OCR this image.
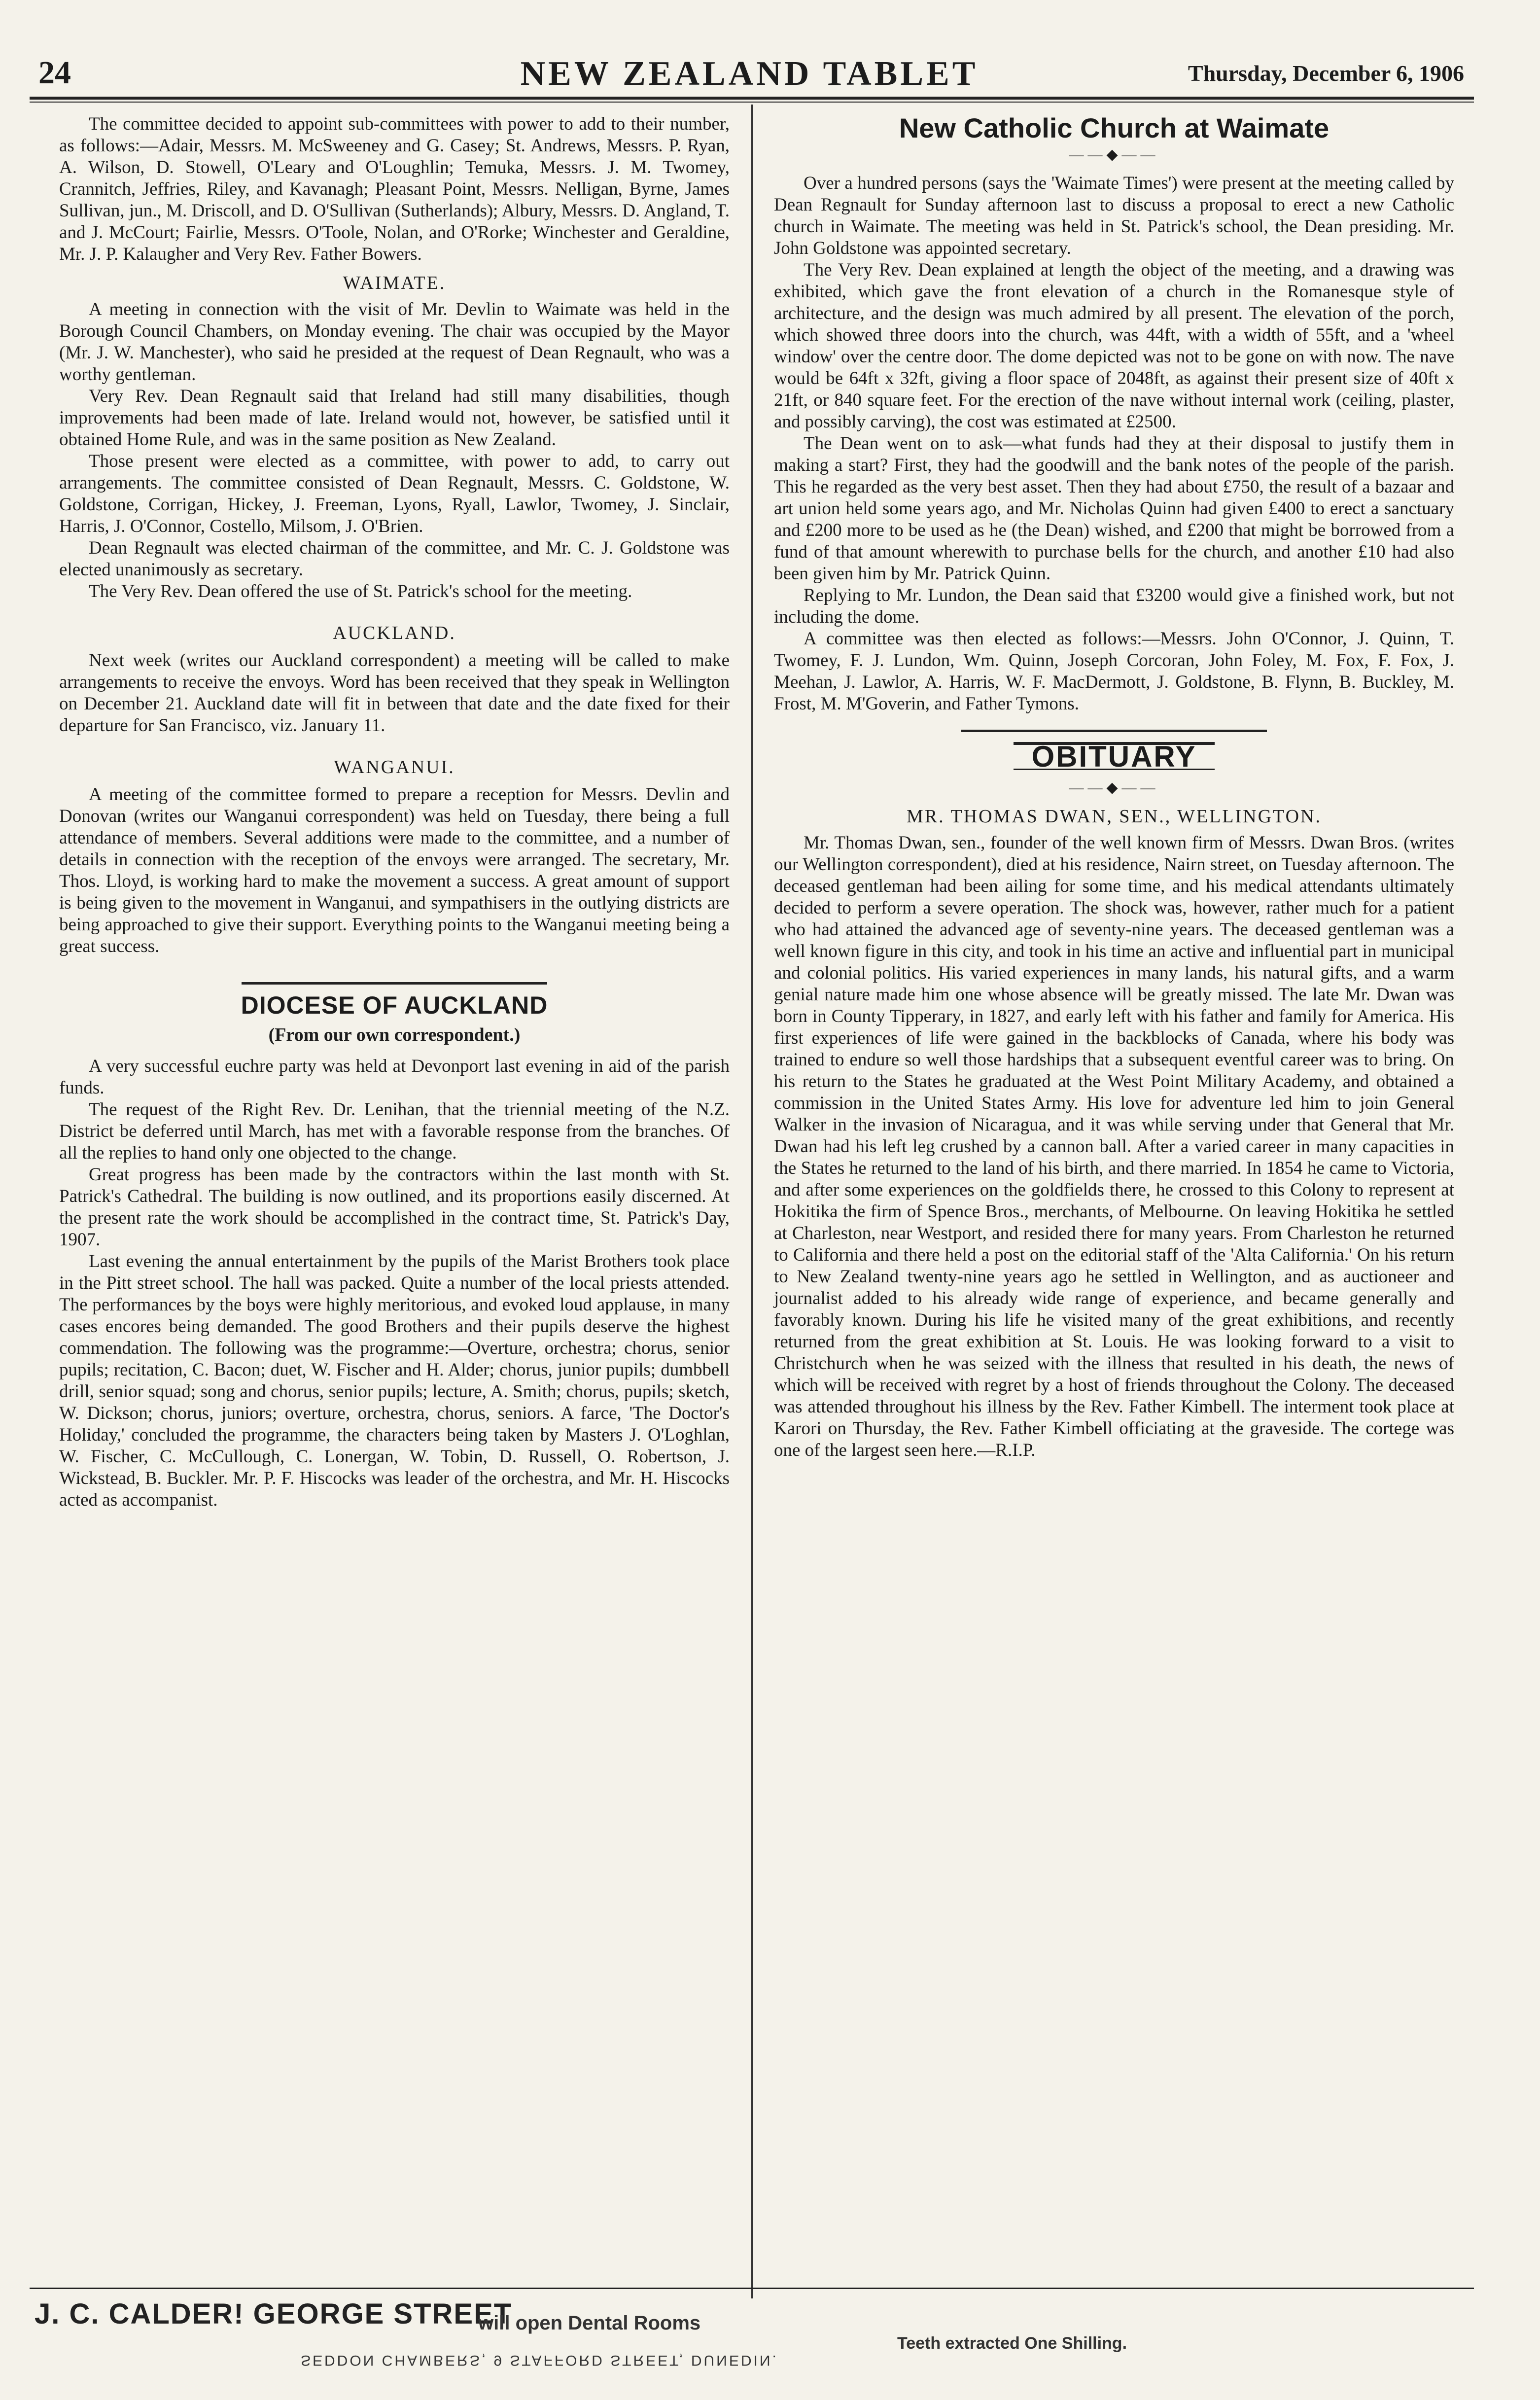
24	NEW ZEALAND TABLET	Thursday, December 6, 1906

The committee decided to appoint sub-committees with power to add to their number, as follows:—Adair, Messrs. M. McSweeney and G. Casey; St. Andrews, Messrs. P. Ryan, A. Wilson, D. Stowell, O'Leary and O'Loughlin; Temuka, Messrs. J. M. Twomey, Crannitch, Jeffries, Riley, and Kavanagh; Pleasant Point, Messrs. Nelligan, Byrne, James Sullivan, jun., M. Driscoll, and D. O'Sullivan (Sutherlands); Albury, Messrs. D. Angland, T. and J. McCourt; Fairlie, Messrs. O'Toole, Nolan, and O'Rorke; Winchester and Geraldine, Mr. J. P. Kalaugher and Very Rev. Father Bowers.

WAIMATE.

A meeting in connection with the visit of Mr. Devlin to Waimate was held in the Borough Council Chambers, on Monday evening. The chair was occupied by the Mayor (Mr. J. W. Manchester), who said he presided at the request of Dean Regnault, who was a worthy gentleman.

Very Rev. Dean Regnault said that Ireland had still many disabilities, though improvements had been made of late. Ireland would not, however, be satisfied until it obtained Home Rule, and was in the same position as New Zealand.

Those present were elected as a committee, with power to add, to carry out arrangements. The committee consisted of Dean Regnault, Messrs. C. Goldstone, W. Goldstone, Corrigan, Hickey, J. Freeman, Lyons, Ryall, Lawlor, Twomey, J. Sinclair, Harris, J. O'Connor, Costello, Milsom, J. O'Brien.

Dean Regnault was elected chairman of the committee, and Mr. C. J. Goldstone was elected unanimously as secretary.

The Very Rev. Dean offered the use of St. Patrick's school for the meeting.

AUCKLAND.

Next week (writes our Auckland correspondent) a meeting will be called to make arrangements to receive the envoys. Word has been received that they speak in Wellington on December 21. Auckland date will fit in between that date and the date fixed for their departure for San Francisco, viz. January 11.

WANGANUI.

A meeting of the committee formed to prepare a reception for Messrs. Devlin and Donovan (writes our Wanganui correspondent) was held on Tuesday, there being a full attendance of members. Several additions were made to the committee, and a number of details in connection with the reception of the envoys were arranged. The secretary, Mr. Thos. Lloyd, is working hard to make the movement a success. A great amount of support is being given to the movement in Wanganui, and sympathisers in the outlying districts are being approached to give their support. Everything points to the Wanganui meeting being a great success.

DIOCESE OF AUCKLAND
(From our own correspondent.)

A very successful euchre party was held at Devonport last evening in aid of the parish funds.

The request of the Right Rev. Dr. Lenihan, that the triennial meeting of the N.Z. District be deferred until March, has met with a favorable response from the branches. Of all the replies to hand only one objected to the change.

Great progress has been made by the contractors within the last month with St. Patrick's Cathedral. The building is now outlined, and its proportions easily discerned. At the present rate the work should be accomplished in the contract time, St. Patrick's Day, 1907.

Last evening the annual entertainment by the pupils of the Marist Brothers took place in the Pitt street school. The hall was packed. Quite a number of the local priests attended. The performances by the boys were highly meritorious, and evoked loud applause, in many cases encores being demanded. The good Brothers and their pupils deserve the highest commendation. The following was the programme:—Overture, orchestra; chorus, senior pupils; recitation, C. Bacon; duet, W. Fischer and H. Alder; chorus, junior pupils; dumbbell drill, senior squad; song and chorus, senior pupils; lecture, A. Smith; chorus, pupils; sketch, W. Dickson; chorus, juniors; overture, orchestra, chorus, seniors. A farce, 'The Doctor's Holiday,' concluded the programme, the characters being taken by Masters J. O'Loghlan, W. Fischer, C. McCullough, C. Lonergan, W. Tobin, D. Russell, O. Robertson, J. Wickstead, B. Buckler. Mr. P. F. Hiscocks was leader of the orchestra, and Mr. H. Hiscocks acted as accompanist.

New Catholic Church at Waimate
——◆——

Over a hundred persons (says the 'Waimate Times') were present at the meeting called by Dean Regnault for Sunday afternoon last to discuss a proposal to erect a new Catholic church in Waimate. The meeting was held in St. Patrick's school, the Dean presiding. Mr. John Goldstone was appointed secretary.

The Very Rev. Dean explained at length the object of the meeting, and a drawing was exhibited, which gave the front elevation of a church in the Romanesque style of architecture, and the design was much admired by all present. The elevation of the porch, which showed three doors into the church, was 44ft, with a width of 55ft, and a 'wheel window' over the centre door. The dome depicted was not to be gone on with now. The nave would be 64ft x 32ft, giving a floor space of 2048ft, as against their present size of 40ft x 21ft, or 840 square feet. For the erection of the nave without internal work (ceiling, plaster, and possibly carving), the cost was estimated at £2500.

The Dean went on to ask—what funds had they at their disposal to justify them in making a start? First, they had the goodwill and the bank notes of the people of the parish. This he regarded as the very best asset. Then they had about £750, the result of a bazaar and art union held some years ago, and Mr. Nicholas Quinn had given £400 to erect a sanctuary and £200 more to be used as he (the Dean) wished, and £200 that might be borrowed from a fund of that amount wherewith to purchase bells for the church, and another £10 had also been given him by Mr. Patrick Quinn.

Replying to Mr. Lundon, the Dean said that £3200 would give a finished work, but not including the dome.

A committee was then elected as follows:—Messrs. John O'Connor, J. Quinn, T. Twomey, F. J. Lundon, Wm. Quinn, Joseph Corcoran, John Foley, M. Fox, F. Fox, J. Meehan, J. Lawlor, A. Harris, W. F. MacDermott, J. Goldstone, B. Flynn, B. Buckley, M. Frost, M. M'Goverin, and Father Tymons.

OBITUARY
——◆——
MR. THOMAS DWAN, SEN., WELLINGTON.

Mr. Thomas Dwan, sen., founder of the well known firm of Messrs. Dwan Bros. (writes our Wellington correspondent), died at his residence, Nairn street, on Tuesday afternoon. The deceased gentleman had been ailing for some time, and his medical attendants ultimately decided to perform a severe operation. The shock was, however, rather much for a patient who had attained the advanced age of seventy-nine years. The deceased gentleman was a well known figure in this city, and took in his time an active and influential part in municipal and colonial politics. His varied experiences in many lands, his natural gifts, and a warm genial nature made him one whose absence will be greatly missed. The late Mr. Dwan was born in County Tipperary, in 1827, and early left with his father and family for America. His first experiences of life were gained in the backblocks of Canada, where his body was trained to endure so well those hardships that a subsequent eventful career was to bring. On his return to the States he graduated at the West Point Military Academy, and obtained a commission in the United States Army. His love for adventure led him to join General Walker in the invasion of Nicaragua, and it was while serving under that General that Mr. Dwan had his left leg crushed by a cannon ball. After a varied career in many capacities in the States he returned to the land of his birth, and there married. In 1854 he came to Victoria, and after some experiences on the goldfields there, he crossed to this Colony to represent at Hokitika the firm of Spence Bros., merchants, of Melbourne. On leaving Hokitika he settled at Charleston, near Westport, and resided there for many years. From Charleston he returned to California and there held a post on the editorial staff of the 'Alta California.' On his return to New Zealand twenty-nine years ago he settled in Wellington, and as auctioneer and journalist added to his already wide range of experience, and became generally and favorably known. During his life he visited many of the great exhibitions, and recently returned from the great exhibition at St. Louis. He was looking forward to a visit to Christchurch when he was seized with the illness that resulted in his death, the news of which will be received with regret by a host of friends throughout the Colony. The deceased was attended throughout his illness by the Rev. Father Kimbell. The interment took place at Karori on Thursday, the Rev. Father Kimbell officiating at the graveside. The cortege was one of the largest seen here.—R.I.P.

J. C. CALDER! GEORGE STREET
will open Dental Rooms
Teeth extracted One Shilling.
SEDDON CHAMBERS, 9 STAFFORD STREET, DUNEDIN.
